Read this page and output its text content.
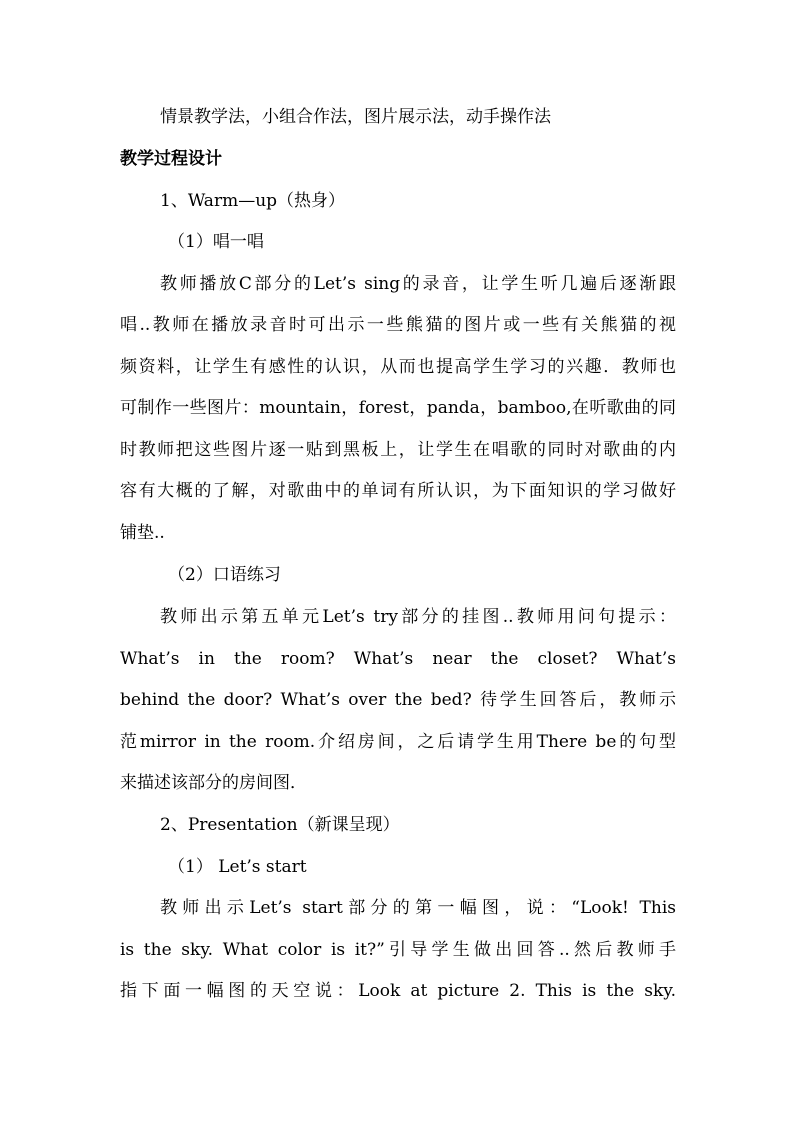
情景教学法，小组合作法，图片展示法，动手操作法
教学过程设计
1、Warm—up（热身）
（1）唱一唱
教师播放C部分的Let’s sing的录音，让学生听几遍后逐渐跟
唱..教师在播放录音时可出示一些熊猫的图片或一些有关熊猫的视
频资料，让学生有感性的认识，从而也提高学生学习的兴趣．教师也
可制作一些图片：mountain，forest，panda，bamboo,在听歌曲的同
时教师把这些图片逐一贴到黑板上，让学生在唱歌的同时对歌曲的内
容有大概的了解，对歌曲中的单词有所认识，为下面知识的学习做好
铺垫..
（2）口语练习
教师出示第五单元Let’s try部分的挂图..教师用问句提示：
What’s in the room? What’s near the closet? What’s
behind the door? What’s over the bed? 待学生回答后，教师示
范mirror in the room.介绍房间，之后请学生用There be的句型
来描述该部分的房间图．
2、Presentation（新课呈现）
（1） Let’s start
教师出示Let’s start部分的第一幅图，说：“Look! This
is the sky. What color is it?”引导学生做出回答..然后教师手
指下面一幅图的天空说：Look at picture 2. This is the sky.
